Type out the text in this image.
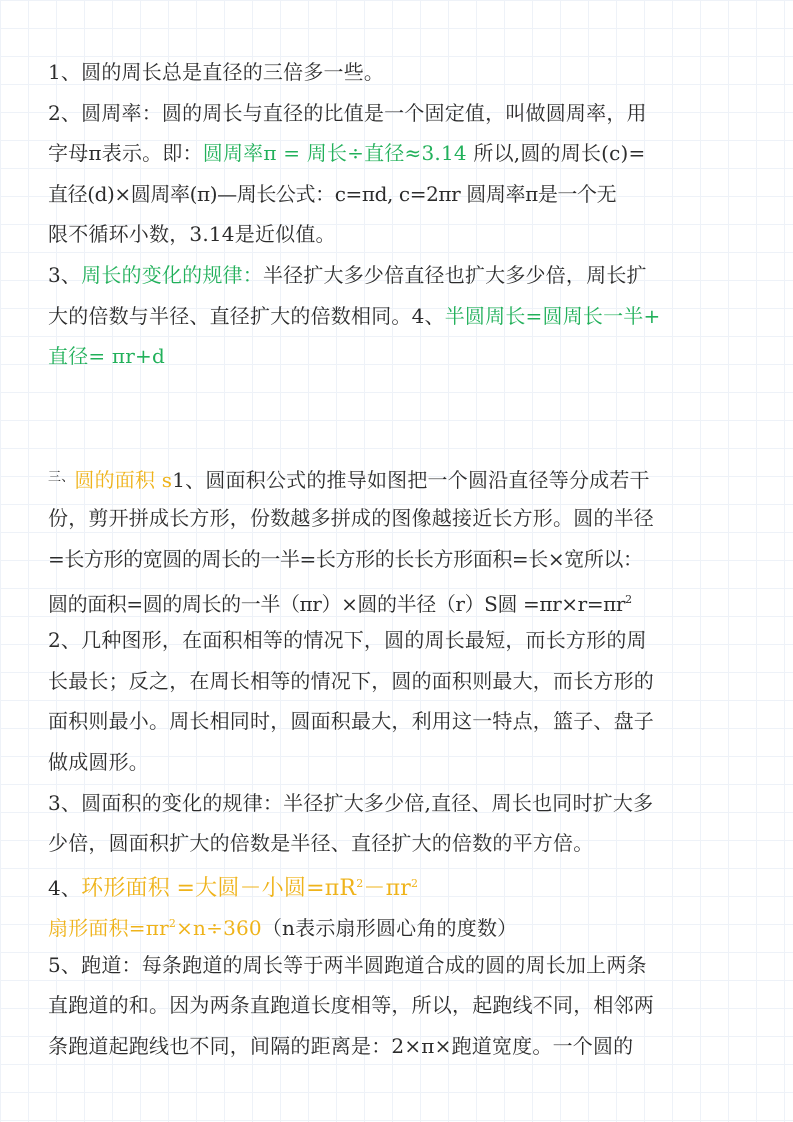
1、圆的周长总是直径的三倍多一些。
2、圆周率：圆的周长与直径的比值是一个固定值，叫做圆周率，用
字母π表示。即：圆周率π = 周长÷直径≈3.14 所以,圆的周长(c)=
直径(d)×圆周率(π)—周长公式：c=πd, c=2πr 圆周率π是一个无
限不循环小数，3.14是近似值。
3、周长的变化的规律：半径扩大多少倍直径也扩大多少倍，周长扩
大的倍数与半径、直径扩大的倍数相同。4、半圆周长=圆周长一半+
直径= πr+d
$^{三、}$圆的面积 s1、圆面积公式的推导如图把一个圆沿直径等分成若干
份，剪开拼成长方形，份数越多拼成的图像越接近长方形。圆的半径
=长方形的宽圆的周长的一半=长方形的长长方形面积=长×宽所以：
圆的面积=圆的周长的一半（πr）×圆的半径（r）S圆 $=\pi r\times r=\pi r^2$
2、几种图形，在面积相等的情况下，圆的周长最短，而长方形的周
长最长；反之，在周长相等的情况下，圆的面积则最大，而长方形的
面积则最小。周长相同时，圆面积最大，利用这一特点，篮子、盘子
做成圆形。
3、圆面积的变化的规律：半径扩大多少倍,直径、周长也同时扩大多
少倍，圆面积扩大的倍数是半径、直径扩大的倍数的平方倍。
4、环形面积 =大圆－小圆$=\pi R^2-\pi r^2$
扇形面积$=\pi r^2\times n\div 360(n$表示扇形圆心角的度数）
5、跑道：每条跑道的周长等于两半圆跑道合成的圆的周长加上两条
直跑道的和。因为两条直跑道长度相等，所以，起跑线不同，相邻两
条跑道起跑线也不同，间隔的距离是：2×π×跑道宽度。一个圆的
